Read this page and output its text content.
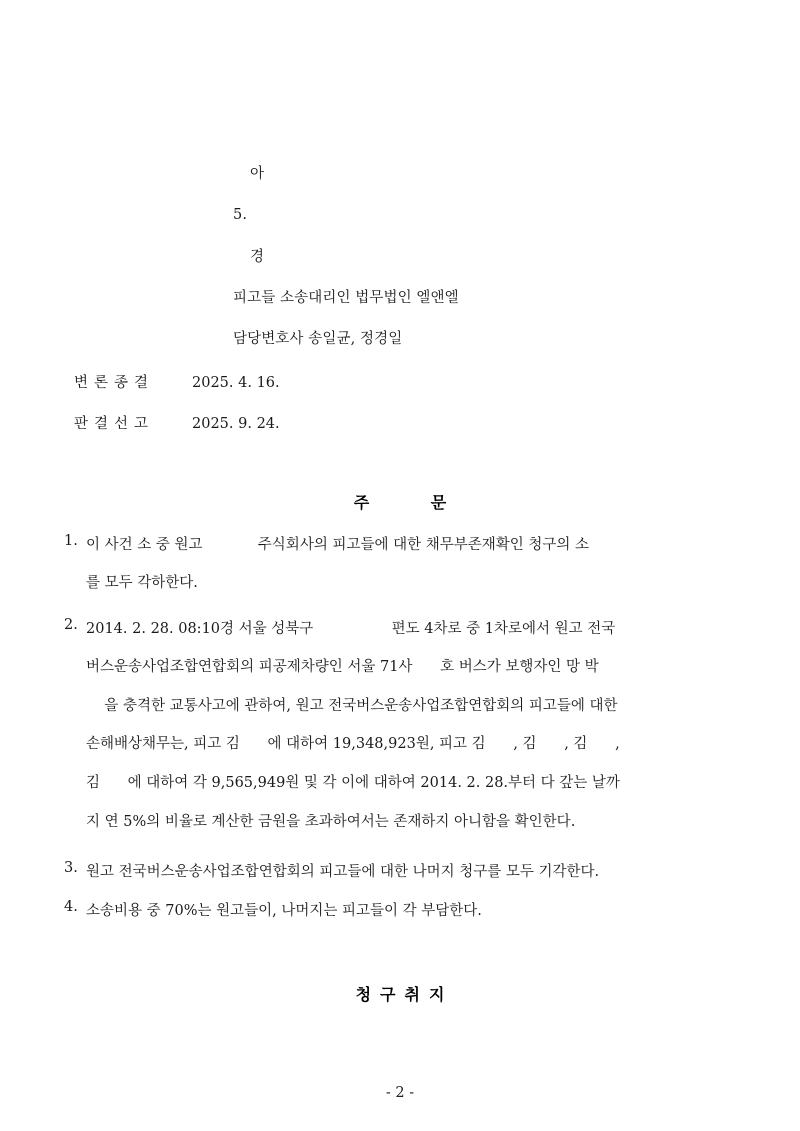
아
5.
경
피고들 소송대리인 법무법인 엘앤엘
담당변호사 송일균, 정경일
변론종결	2025. 4. 16.
판결선고	2025. 9. 24.
주 문
1. 이 사건 소 중 원고            주식회사의 피고들에 대한 채무부존재확인 청구의 소
를 모두 각하한다.
2. 2014. 2. 28. 08:10경 서울 성북구                 편도 4차로 중 1차로에서 원고 전국
버스운송사업조합연합회의 피공제차량인 서울 71사      호 버스가 보행자인 망 박
을 충격한 교통사고에 관하여, 원고 전국버스운송사업조합연합회의 피고들에 대한
손해배상채무는, 피고 김      에 대하여 19,348,923원, 피고 김      , 김      , 김      ,
김      에 대하여 각 9,565,949원 및 각 이에 대하여 2014. 2. 28.부터 다 갚는 날까
지 연 5%의 비율로 계산한 금원을 초과하여서는 존재하지 아니함을 확인한다.
3. 원고 전국버스운송사업조합연합회의 피고들에 대한 나머지 청구를 모두 기각한다.
4. 소송비용 중 70%는 원고들이, 나머지는 피고들이 각 부담한다.
청구취지
- 2 -
